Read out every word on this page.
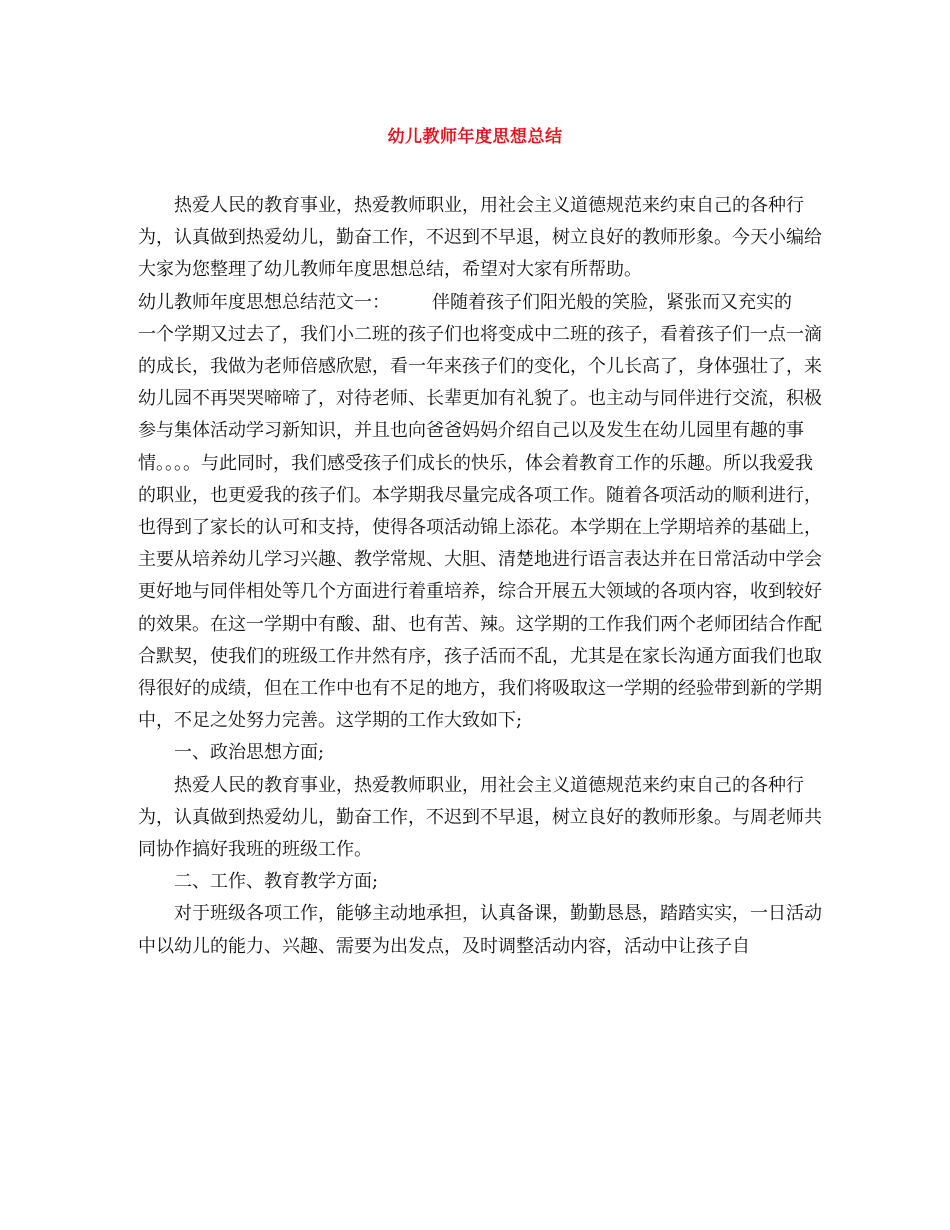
幼儿教师年度思想总结

热爱人民的教育事业，热爱教师职业，用社会主义道德规范来约束自己的各种行为，认真做到热爱幼儿，勤奋工作，不迟到不早退，树立良好的教师形象。今天小编给大家为您整理了幼儿教师年度思想总结，希望对大家有所帮助。

幼儿教师年度思想总结范文一： 伴随着孩子们阳光般的笑脸，紧张而又充实的

一个学期又过去了，我们小二班的孩子们也将变成中二班的孩子，看着孩子们一点一滴的成长，我做为老师倍感欣慰，看一年来孩子们的变化，个儿长高了，身体强壮了，来幼儿园不再哭哭啼啼了，对待老师、长辈更加有礼貌了。也主动与同伴进行交流，积极参与集体活动学习新知识，并且也向爸爸妈妈介绍自己以及发生在幼儿园里有趣的事情。。。。与此同时，我们感受孩子们成长的快乐，体会着教育工作的乐趣。所以我爱我的职业，也更爱我的孩子们。本学期我尽量完成各项工作。随着各项活动的顺利进行，也得到了家长的认可和支持，使得各项活动锦上添花。本学期在上学期培养的基础上，主要从培养幼儿学习兴趣、教学常规、大胆、清楚地进行语言表达并在日常活动中学会更好地与同伴相处等几个方面进行着重培养，综合开展五大领域的各项内容，收到较好的效果。在这一学期中有酸、甜、也有苦、辣。这学期的工作我们两个老师团结合作配合默契，使我们的班级工作井然有序，孩子活而不乱，尤其是在家长沟通方面我们也取得很好的成绩，但在工作中也有不足的地方，我们将吸取这一学期的经验带到新的学期中，不足之处努力完善。这学期的工作大致如下;

一、政治思想方面;

热爱人民的教育事业，热爱教师职业，用社会主义道德规范来约束自己的各种行为，认真做到热爱幼儿，勤奋工作，不迟到不早退，树立良好的教师形象。与周老师共同协作搞好我班的班级工作。

二、工作、教育教学方面;

对于班级各项工作，能够主动地承担，认真备课，勤勤恳恳，踏踏实实，一日活动中以幼儿的能力、兴趣、需要为出发点，及时调整活动内容，活动中让孩子自
